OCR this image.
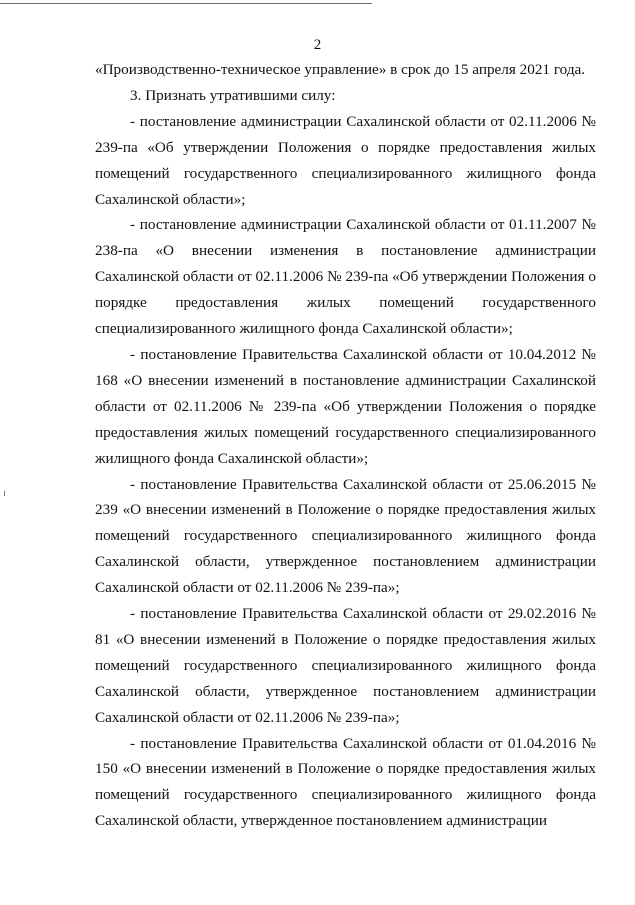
2

«Производственно-техническое управление» в срок до 15 апреля 2021 года.

3. Признать утратившими силу:

- постановление администрации Сахалинской области от 02.11.2006 № 239-па «Об утверждении Положения о порядке предоставления жилых помещений государственного специализированного жилищного фонда Сахалинской области»;

- постановление администрации Сахалинской области от 01.11.2007 № 238-па «О внесении изменения в постановление администрации Сахалинской области от 02.11.2006 № 239-па «Об утверждении Положения о порядке предоставления жилых помещений государственного специализированного жилищного фонда Сахалинской области»;

- постановление Правительства Сахалинской области от 10.04.2012 № 168 «О внесении изменений в постановление администрации Сахалинской области от 02.11.2006 № 239-па «Об утверждении Положения о порядке предоставления жилых помещений государственного специализированного жилищного фонда Сахалинской области»;

- постановление Правительства Сахалинской области от 25.06.2015 № 239 «О внесении изменений в Положение о порядке предоставления жилых помещений государственного специализированного жилищного фонда Сахалинской области, утвержденное постановлением администрации Сахалинской области от 02.11.2006 № 239-па»;

- постановление Правительства Сахалинской области от 29.02.2016 № 81 «О внесении изменений в Положение о порядке предоставления жилых помещений государственного специализированного жилищного фонда Сахалинской области, утвержденное постановлением администрации Сахалинской области от 02.11.2006 № 239-па»;

- постановление Правительства Сахалинской области от 01.04.2016 № 150 «О внесении изменений в Положение о порядке предоставления жилых помещений государственного специализированного жилищного фонда Сахалинской области, утвержденное постановлением администрации
